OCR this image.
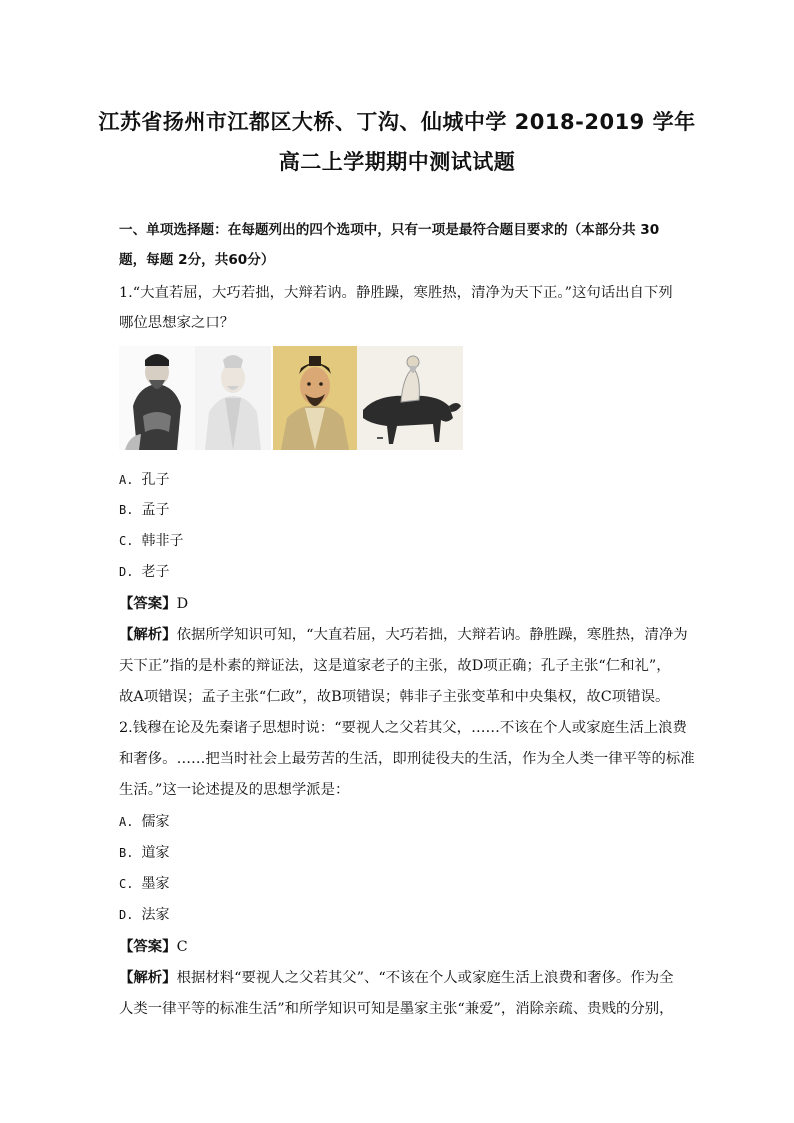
江苏省扬州市江都区大桥、丁沟、仙城中学 2018-2019 学年
高二上学期期中测试试题
一、单项选择题：在每题列出的四个选项中，只有一项是最符合题目要求的（本部分共 30
题，每题 2分，共60分）
1.“大直若屈，大巧若拙，大辩若讷。静胜躁，寒胜热，清净为天下正。”这句话出自下列
哪位思想家之口？
A. 孔子
B. 孟子
C. 韩非子
D. 老子
【答案】D
【解析】依据所学知识可知，“大直若屈，大巧若拙，大辩若讷。静胜躁，寒胜热，清净为
天下正”指的是朴素的辩证法，这是道家老子的主张，故D项正确；孔子主张“仁和礼”，
故A项错误；孟子主张“仁政”，故B项错误；韩非子主张变革和中央集权，故C项错误。
2.钱穆在论及先秦诸子思想时说：“要视人之父若其父，……不该在个人或家庭生活上浪费
和奢侈。……把当时社会上最劳苦的生活，即刑徒役夫的生活，作为全人类一律平等的标准
生活。”这一论述提及的思想学派是：
A. 儒家
B. 道家
C. 墨家
D. 法家
【答案】C
【解析】根据材料“要视人之父若其父”、“不该在个人或家庭生活上浪费和奢侈。作为全
人类一律平等的标准生活”和所学知识可知是墨家主张“兼爱”，消除亲疏、贵贱的分别，
